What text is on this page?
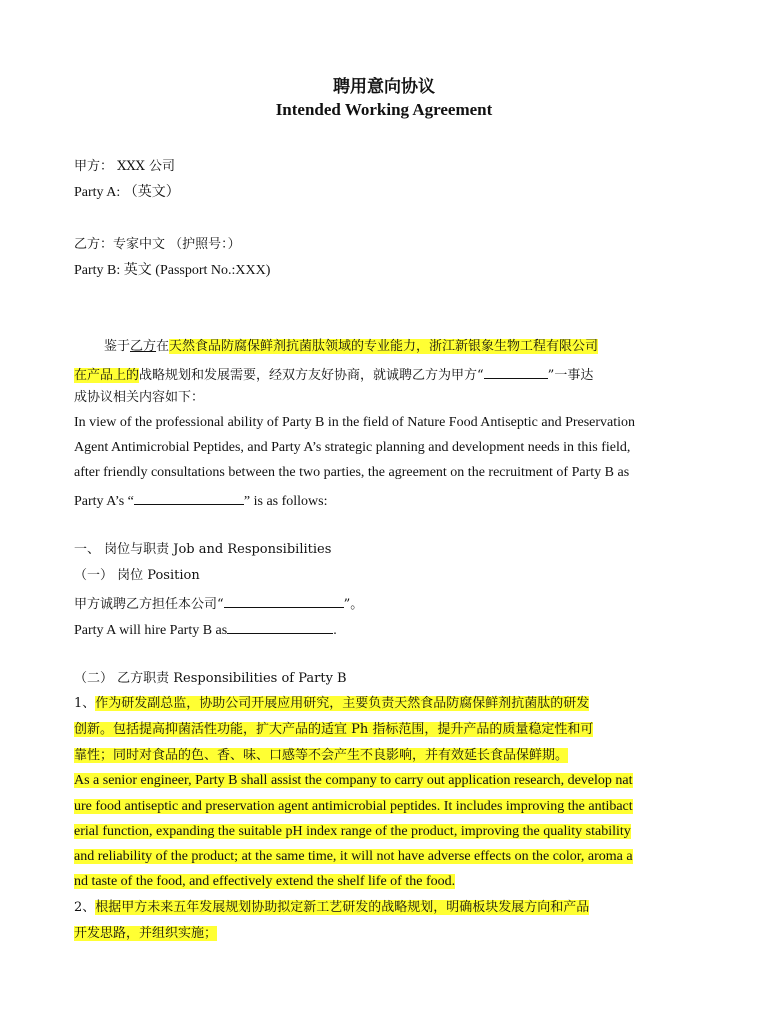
聘用意向协议
Intended Working Agreement
甲方： XXX 公司
Party A: （英文）
乙方：专家中文 （护照号：）
Party B: 英文 (Passport No.:XXX)
鉴于乙方在天然食品防腐保鲜剂抗菌肽领域的专业能力，浙江新银象生物工程有限公司
在产品上的战略规划和发展需要，经双方友好协商，就诚聘乙方为甲方“	”一事达
成协议相关内容如下：
In view of the professional ability of Party B in the field of Nature Food Antiseptic and Preservation
Agent Antimicrobial Peptides, and Party A’s strategic planning and development needs in this field,
after friendly consultations between the two parties, the agreement on the recruitment of Party B as
Party A’s “	” is as follows:
一、 岗位与职责 Job and Responsibilities
（一） 岗位 Position
甲方诚聘乙方担任本公司“	”。
Party A will hire Party B as	.
（二） 乙方职责 Responsibilities of Party B
1、作为研发副总监，协助公司开展应用研究，主要负责天然食品防腐保鲜剂抗菌肽的研发
创新。包括提高抑菌活性功能，扩大产品的适宜 Ph 指标范围，提升产品的质量稳定性和可
靠性；同时对食品的色、香、味、口感等不会产生不良影响，并有效延长食品保鲜期。
As a senior engineer, Party B shall assist the company to carry out application research, develop nat
ure food antiseptic and preservation agent antimicrobial peptides. It includes improving the antibact
erial function, expanding the suitable pH index range of the product, improving the quality stability
and reliability of the product; at the same time, it will not have adverse effects on the color, aroma a
nd taste of the food, and effectively extend the shelf life of the food.
2、根据甲方未来五年发展规划协助拟定新工艺研发的战略规划，明确板块发展方向和产品
开发思路，并组织实施；
